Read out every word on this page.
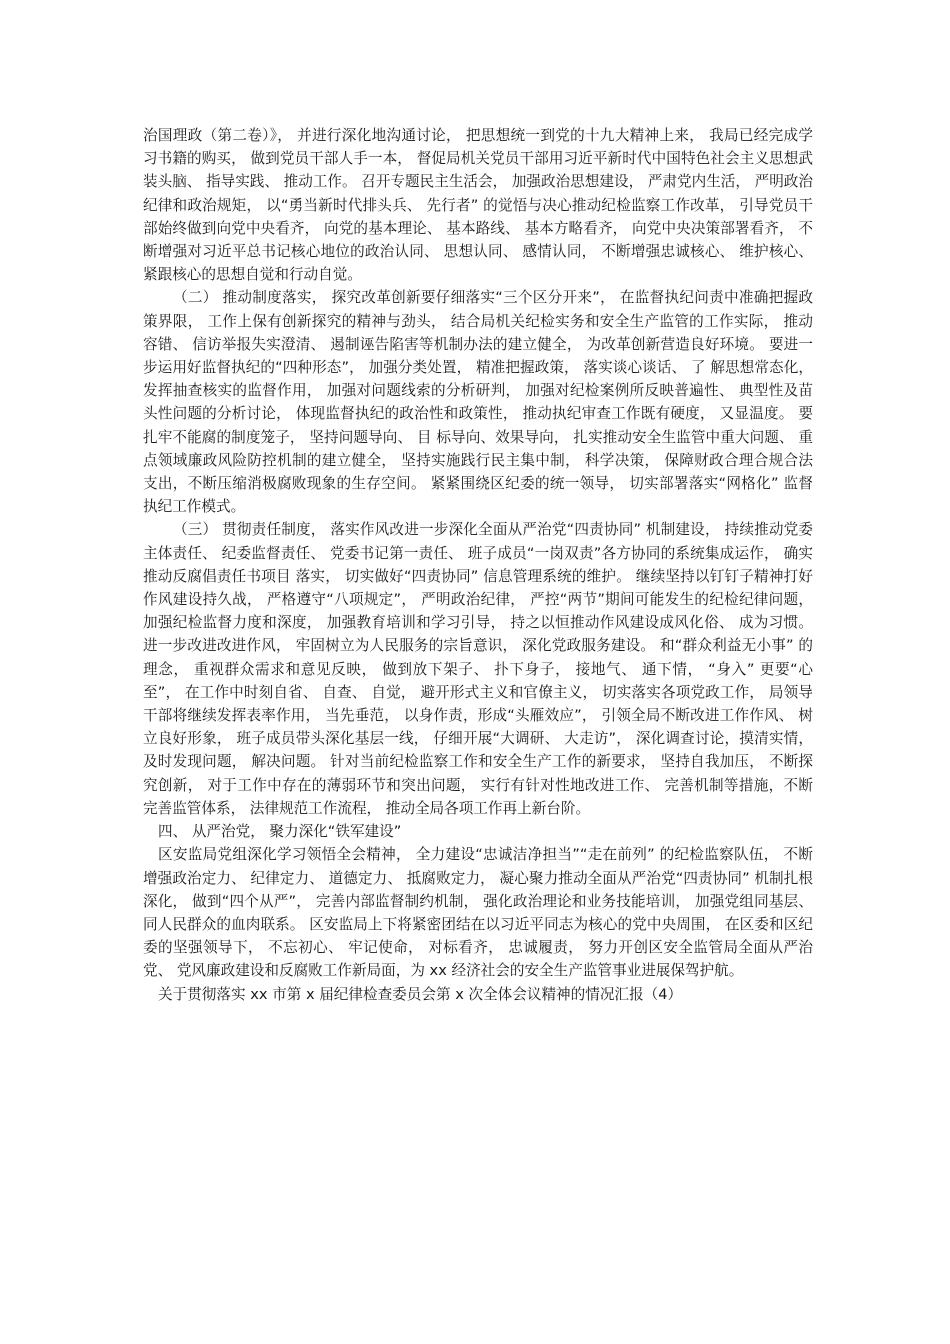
治国理政（第二卷）》， 并进行深化地沟通讨论， 把思想统一到党的十九大精神上来， 我局已经完成学习书籍的购买， 做到党员干部人手一本， 督促局机关党员干部用习近平新时代中国特色社会主义思想武装头脑、 指导实践、 推动工作。 召开专题民主生活会， 加强政治思想建设， 严肃党内生活， 严明政治纪律和政治规矩， 以“勇当新时代排头兵、 先行者” 的觉悟与决心推动纪检监察工作改革， 引导党员干部始终做到向党中央看齐， 向党的基本理论、 基本路线、 基本方略看齐， 向党中央决策部署看齐， 不断增强对习近平总书记核心地位的政治认同、 思想认同、 感情认同， 不断增强忠诚核心、 维护核心、 紧跟核心的思想自觉和行动自觉。

（二） 推动制度落实， 探究改革创新要仔细落实“三个区分开来”， 在监督执纪问责中准确把握政策界限， 工作上保有创新探究的精神与劲头， 结合局机关纪检实务和安全生产监管的工作实际， 推动容错、 信访举报失实澄清、 遏制诬告陷害等机制办法的建立健全， 为改革创新营造良好环境。 要进一步运用好监督执纪的“四种形态”， 加强分类处置， 精准把握政策， 落实谈心谈话、 了 解思想常态化， 发挥抽查核实的监督作用， 加强对问题线索的分析研判， 加强对纪检案例所反映普遍性、 典型性及苗头性问题的分析讨论， 体现监督执纪的政治性和政策性， 推动执纪审查工作既有硬度， 又显温度。 要扎牢不能腐的制度笼子， 坚持问题导向、 目 标导向、效果导向， 扎实推动安全生监管中重大问题、 重点领域廉政风险防控机制的建立健全， 坚持实施践行民主集中制， 科学决策， 保障财政合理合规合法支出，不断压缩消极腐败现象的生存空间。 紧紧围绕区纪委的统一领导， 切实部署落实“网格化” 监督执纪工作模式。

（三） 贯彻责任制度， 落实作风改进一步深化全面从严治党“四责协同” 机制建设， 持续推动党委主体责任、 纪委监督责任、 党委书记第一责任、 班子成员“一岗双责”各方协同的系统集成运作， 确实推动反腐倡责任书项目 落实， 切实做好“四责协同” 信息管理系统的维护。 继续坚持以钉钉子精神打好作风建设持久战， 严格遵守“八项规定”， 严明政治纪律， 严控“两节”期间可能发生的纪检纪律问题， 加强纪检监督力度和深度， 加强教育培训和学习引导， 持之以恒推动作风建设成风化俗、 成为习惯。 进一步改进改进作风， 牢固树立为人民服务的宗旨意识， 深化党政服务建设。 和“群众利益无小事” 的理念， 重视群众需求和意见反映， 做到放下架子、 扑下身子， 接地气、 通下情， “身入” 更要“心至”， 在工作中时刻自省、 自查、 自觉， 避开形式主义和官僚主义， 切实落实各项党政工作， 局领导干部将继续发挥表率作用， 当先垂范， 以身作责，形成“头雁效应”， 引领全局不断改进工作作风、 树立良好形象， 班子成员带头深化基层一线， 仔细开展“大调研、 大走访”， 深化调查讨论，摸清实情， 及时发现问题， 解决问题。 针对当前纪检监察工作和安全生产工作的新要求， 坚持自我加压， 不断探究创新， 对于工作中存在的薄弱环节和突出问题， 实行有针对性地改进工作、 完善机制等措施，不断完善监管体系， 法律规范工作流程， 推动全局各项工作再上新台阶。

四、 从严治党， 聚力深化“铁军建设”

区安监局党组深化学习领悟全会精神， 全力建设“忠诚洁净担当”“走在前列” 的纪检监察队伍， 不断增强政治定力、 纪律定力、 道德定力、 抵腐败定力， 凝心聚力推动全面从严治党“四责协同” 机制扎根深化， 做到“四个从严”， 完善内部监督制约机制， 强化政治理论和业务技能培训， 加强党组同基层、 同人民群众的血肉联系。 区安监局上下将紧密团结在以习近平同志为核心的党中央周围， 在区委和区纪委的坚强领导下， 不忘初心、 牢记使命， 对标看齐， 忠诚履责， 努力开创区安全监管局全面从严治党、 党风廉政建设和反腐败工作新局面，为 xx 经济社会的安全生产监管事业进展保驾护航。

关于贯彻落实 xx 市第 x 届纪律检查委员会第 x 次全体会议精神的情况汇报（4）
